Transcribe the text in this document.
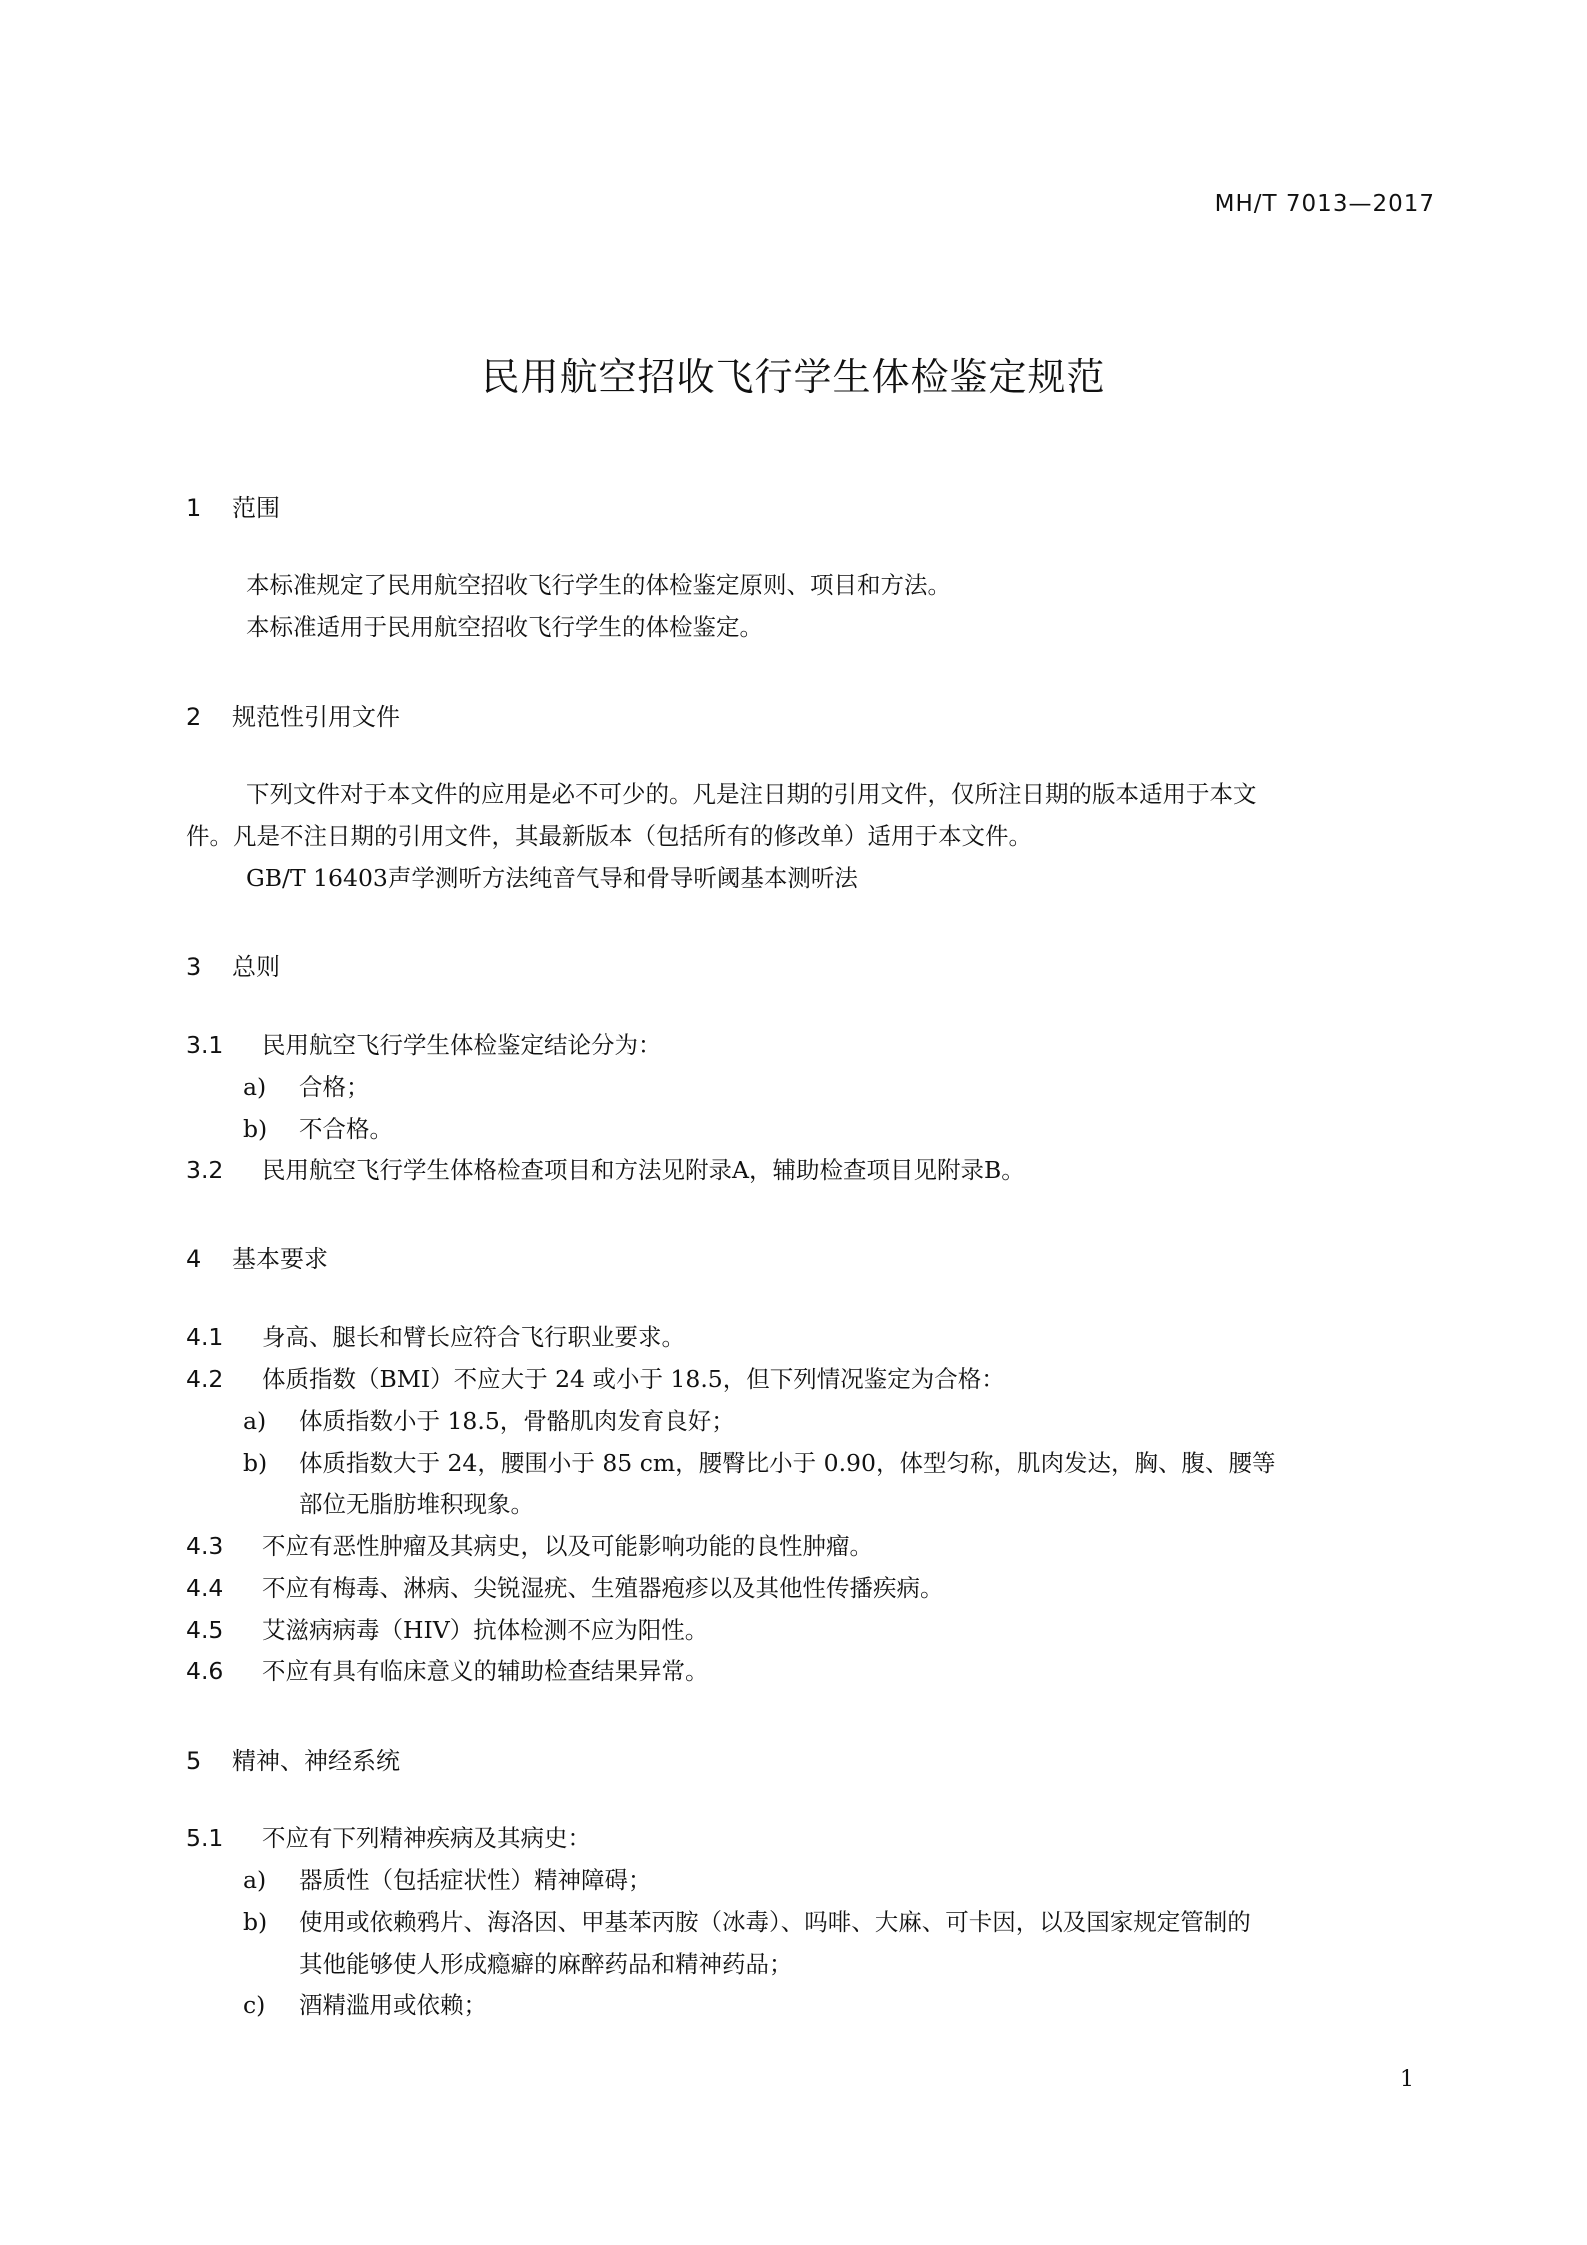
MH/T 7013—2017
民用航空招收飞行学生体检鉴定规范
1 范围
本标准规定了民用航空招收飞行学生的体检鉴定原则、项目和方法。
本标准适用于民用航空招收飞行学生的体检鉴定。
2 规范性引用文件
下列文件对于本文件的应用是必不可少的。凡是注日期的引用文件，仅所注日期的版本适用于本文
件。凡是不注日期的引用文件，其最新版本（包括所有的修改单）适用于本文件。
GB/T 16403声学测听方法纯音气导和骨导听阈基本测听法
3 总则
3.1 民用航空飞行学生体检鉴定结论分为：
a) 合格；
b) 不合格。
3.2 民用航空飞行学生体格检查项目和方法见附录A，辅助检查项目见附录B。
4 基本要求
4.1 身高、腿长和臂长应符合飞行职业要求。
4.2 体质指数（BMI）不应大于 24 或小于 18.5，但下列情况鉴定为合格：
a) 体质指数小于 18.5，骨骼肌肉发育良好；
b) 体质指数大于 24，腰围小于 85 cm，腰臀比小于 0.90，体型匀称，肌肉发达，胸、腹、腰等
部位无脂肪堆积现象。
4.3 不应有恶性肿瘤及其病史，以及可能影响功能的良性肿瘤。
4.4 不应有梅毒、淋病、尖锐湿疣、生殖器疱疹以及其他性传播疾病。
4.5 艾滋病病毒（HIV）抗体检测不应为阳性。
4.6 不应有具有临床意义的辅助检查结果异常。
5 精神、神经系统
5.1 不应有下列精神疾病及其病史：
a) 器质性（包括症状性）精神障碍；
b) 使用或依赖鸦片、海洛因、甲基苯丙胺（冰毒）、吗啡、大麻、可卡因，以及国家规定管制的
其他能够使人形成瘾癖的麻醉药品和精神药品；
c) 酒精滥用或依赖；
1
